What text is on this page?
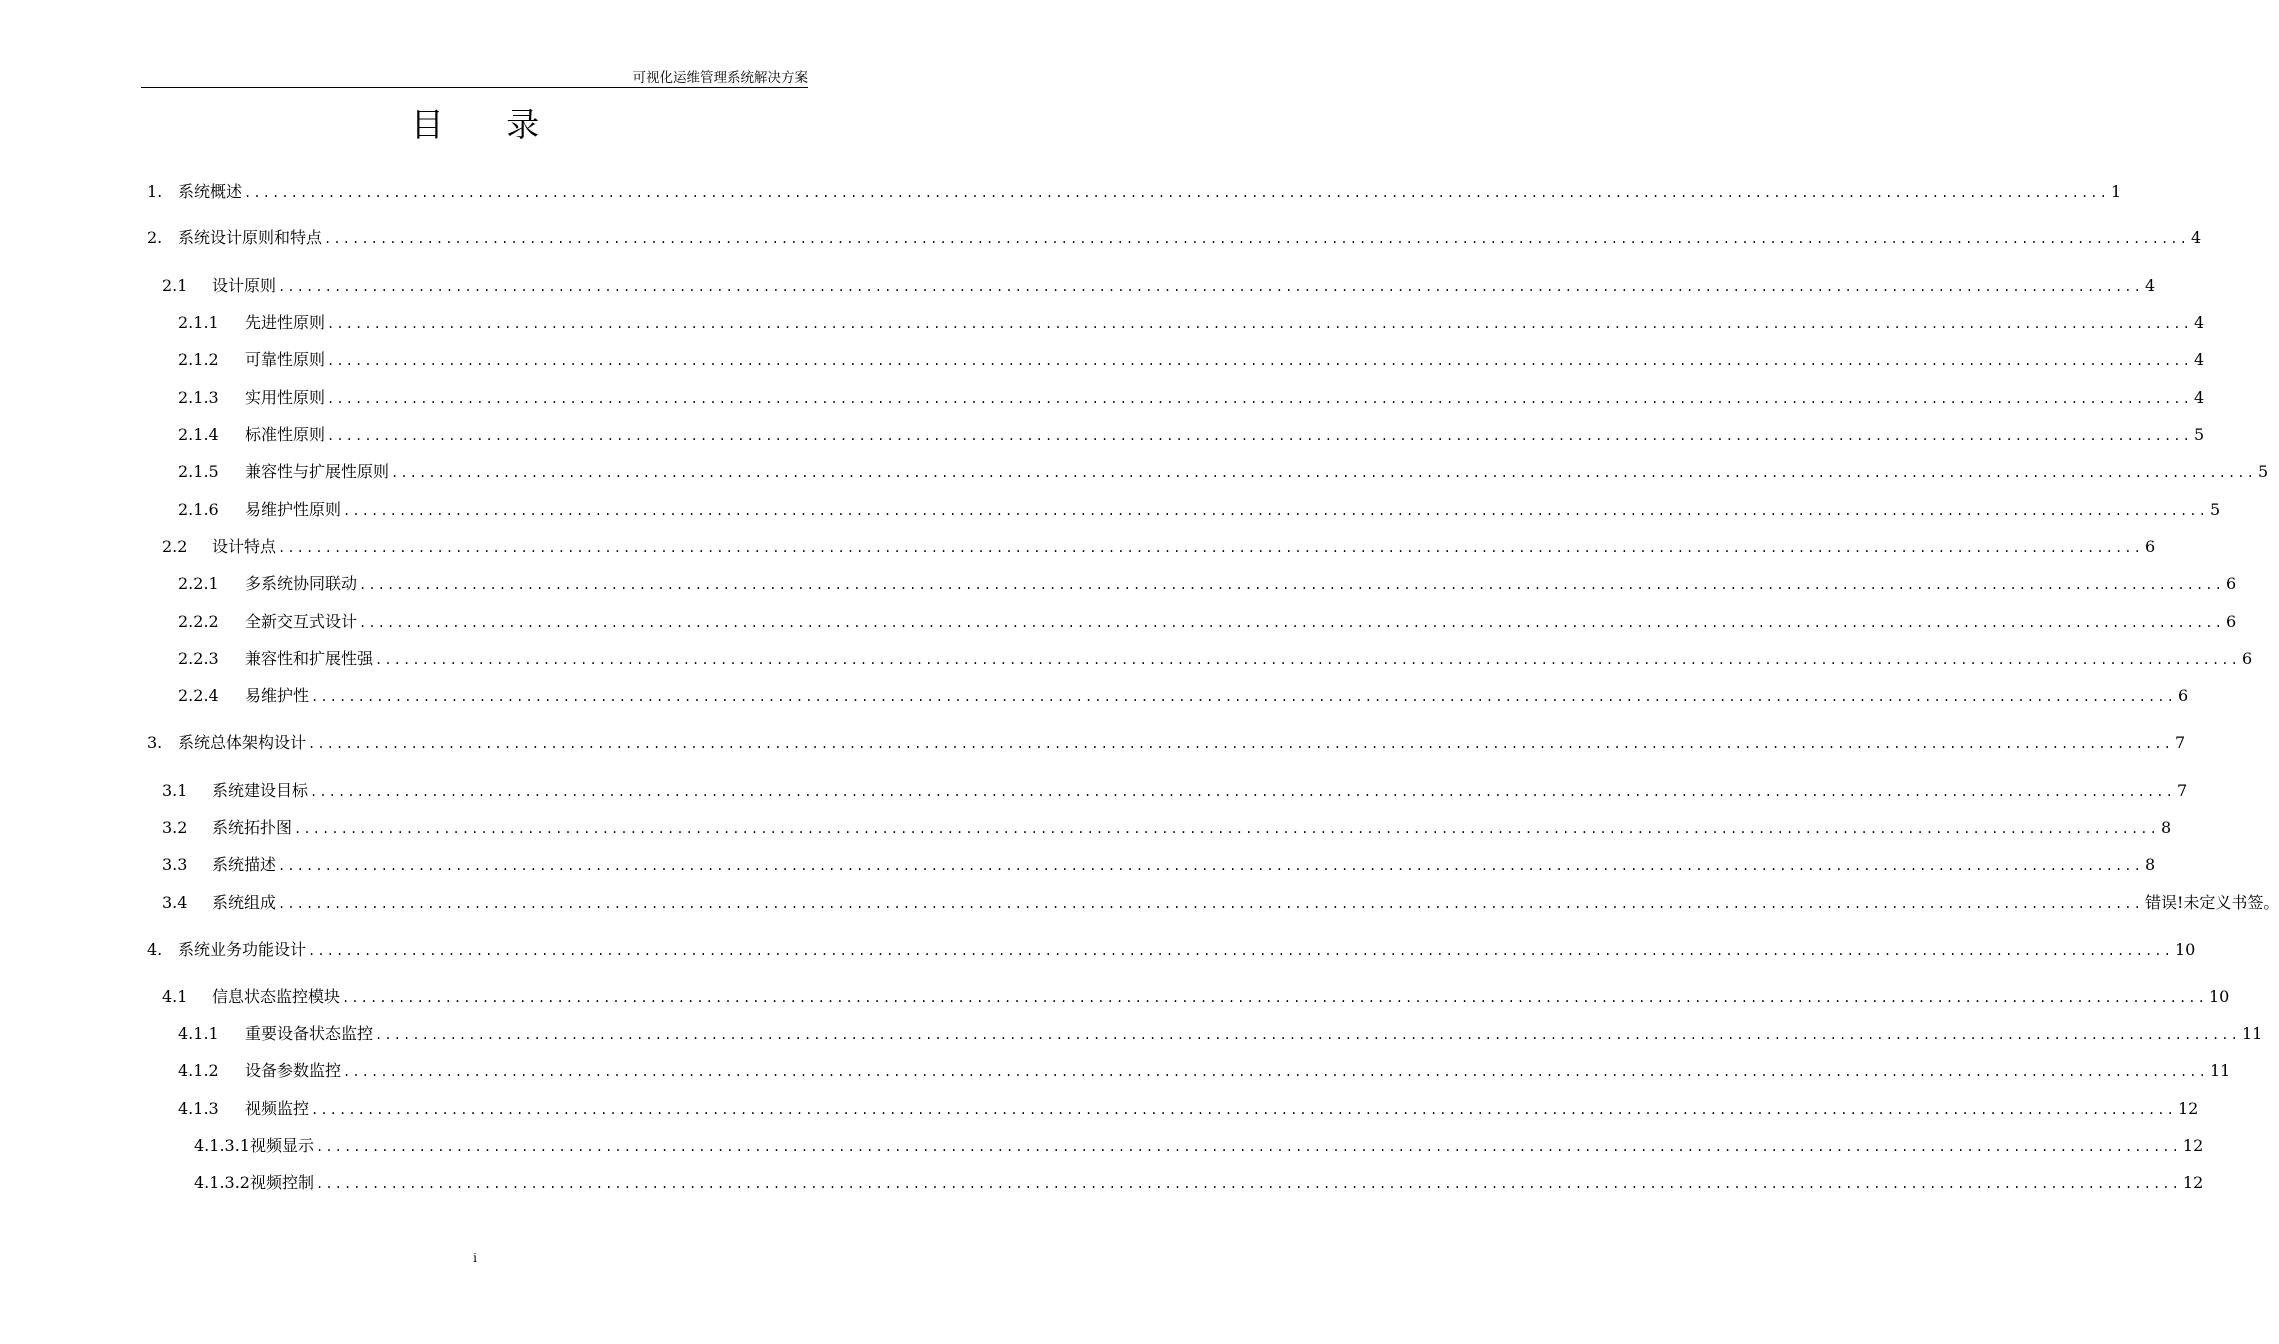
可视化运维管理系统解决方案
目 录
1. 系统概述 ........................................................................................................................................................................................................ 1
2. 系统设计原则和特点 ........................................................................................................................................................................................................ 4
2.1	设计原则 ........................................................................................................................................................................................................ 4
2.1.1	先进性原则 ........................................................................................................................................................................................................ 4
2.1.2	可靠性原则 ........................................................................................................................................................................................................ 4
2.1.3	实用性原则 ........................................................................................................................................................................................................ 4
2.1.4	标准性原则 ........................................................................................................................................................................................................ 5
2.1.5	兼容性与扩展性原则 ........................................................................................................................................................................................................ 5
2.1.6	易维护性原则 ........................................................................................................................................................................................................ 5
2.2	设计特点 ........................................................................................................................................................................................................ 6
2.2.1	多系统协同联动 ........................................................................................................................................................................................................ 6
2.2.2	全新交互式设计 ........................................................................................................................................................................................................ 6
2.2.3	兼容性和扩展性强 ........................................................................................................................................................................................................ 6
2.2.4	易维护性 ........................................................................................................................................................................................................ 6
3. 系统总体架构设计 ........................................................................................................................................................................................................ 7
3.1	系统建设目标 ........................................................................................................................................................................................................ 7
3.2	系统拓扑图 ........................................................................................................................................................................................................ 8
3.3	系统描述 ........................................................................................................................................................................................................ 8
3.4	系统组成 ........................................................................................................................................................................................................ 错误!未定义书签。
4. 系统业务功能设计 ........................................................................................................................................................................................................ 10
4.1	信息状态监控模块 ........................................................................................................................................................................................................ 10
4.1.1	重要设备状态监控 ........................................................................................................................................................................................................ 11
4.1.2	设备参数监控 ........................................................................................................................................................................................................ 11
4.1.3	视频监控 ........................................................................................................................................................................................................ 12
4.1.3.1 视频显示 ........................................................................................................................................................................................................ 12
4.1.3.2 视频控制 ........................................................................................................................................................................................................ 12
i
